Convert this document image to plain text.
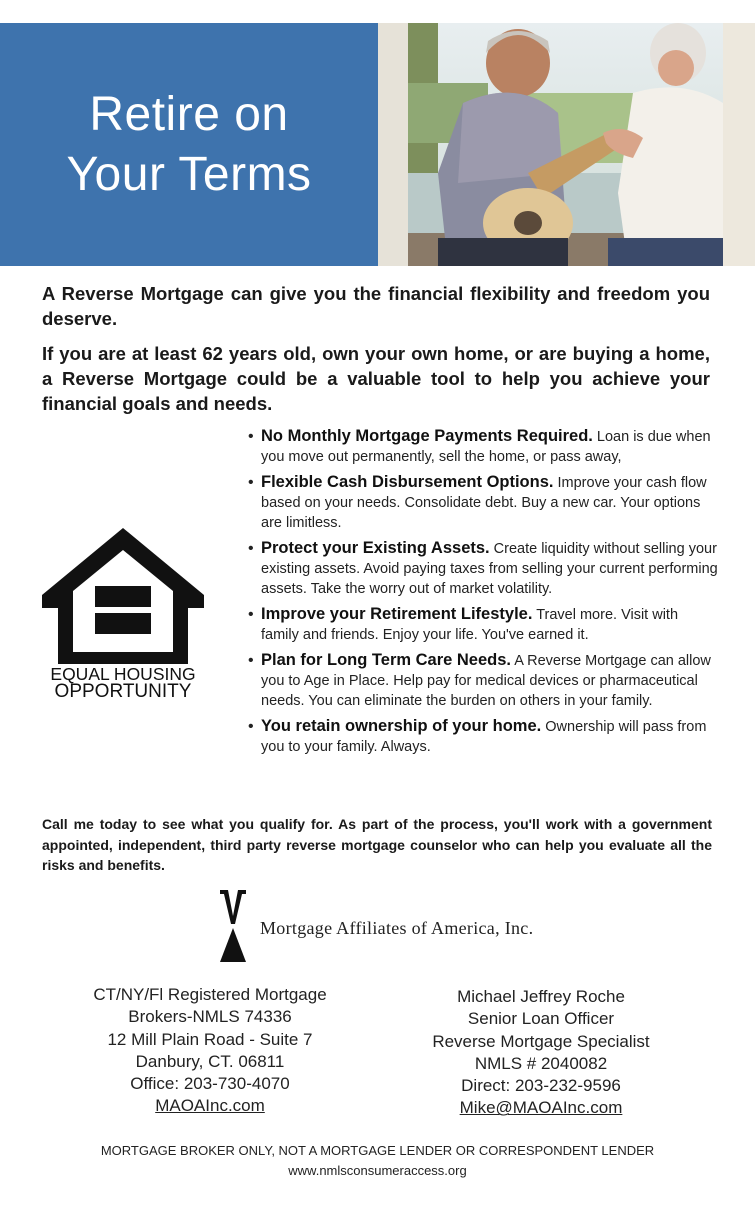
Retire on
Your Terms

A Reverse Mortgage can give you the financial flexibility and freedom you deserve.

If you are at least 62 years old, own your own home, or are buying a home, a Reverse Mortgage could be a valuable tool to help you achieve your financial goals and needs.

EQUAL HOUSING
OPPORTUNITY
• No Monthly Mortgage Payments Required. Loan is due when you move out permanently, sell the home, or pass away,
• Flexible Cash Disbursement Options. Improve your cash flow based on your needs. Consolidate debt. Buy a new car. Your options are limitless.
• Protect your Existing Assets. Create liquidity without selling your existing assets. Avoid paying taxes from selling your current performing assets. Take the worry out of market volatility.
• Improve your Retirement Lifestyle. Travel more. Visit with family and friends. Enjoy your life. You've earned it.
• Plan for Long Term Care Needs. A Reverse Mortgage can allow you to Age in Place. Help pay for medical devices or pharmaceutical needs. You can eliminate the burden on others in your family.
• You retain ownership of your home. Ownership will pass from you to your family. Always.

Call me today to see what you qualify for. As part of the process, you'll work with a government appointed, independent, third party reverse mortgage counselor who can help you evaluate all the risks and benefits.

Mortgage Affiliates of America, Inc.
CT/NY/Fl Registered Mortgage
Brokers-NMLS 74336
12 Mill Plain Road - Suite 7
Danbury, CT. 06811
Office: 203-730-4070
MAOAInc.com
Michael Jeffrey Roche
Senior Loan Officer
Reverse Mortgage Specialist
NMLS # 2040082
Direct: 203-232-9596
Mike@MAOAInc.com
MORTGAGE BROKER ONLY, NOT A MORTGAGE LENDER OR CORRESPONDENT LENDER
www.nmlsconsumeraccess.org
